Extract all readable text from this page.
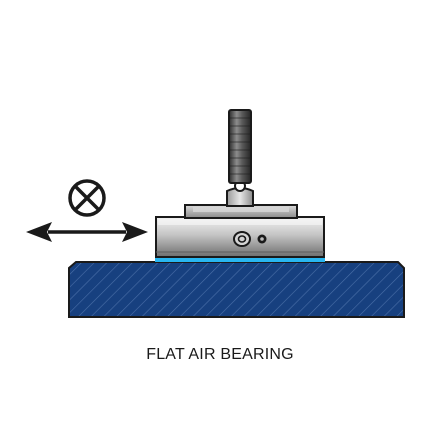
FLAT AIR BEARING
